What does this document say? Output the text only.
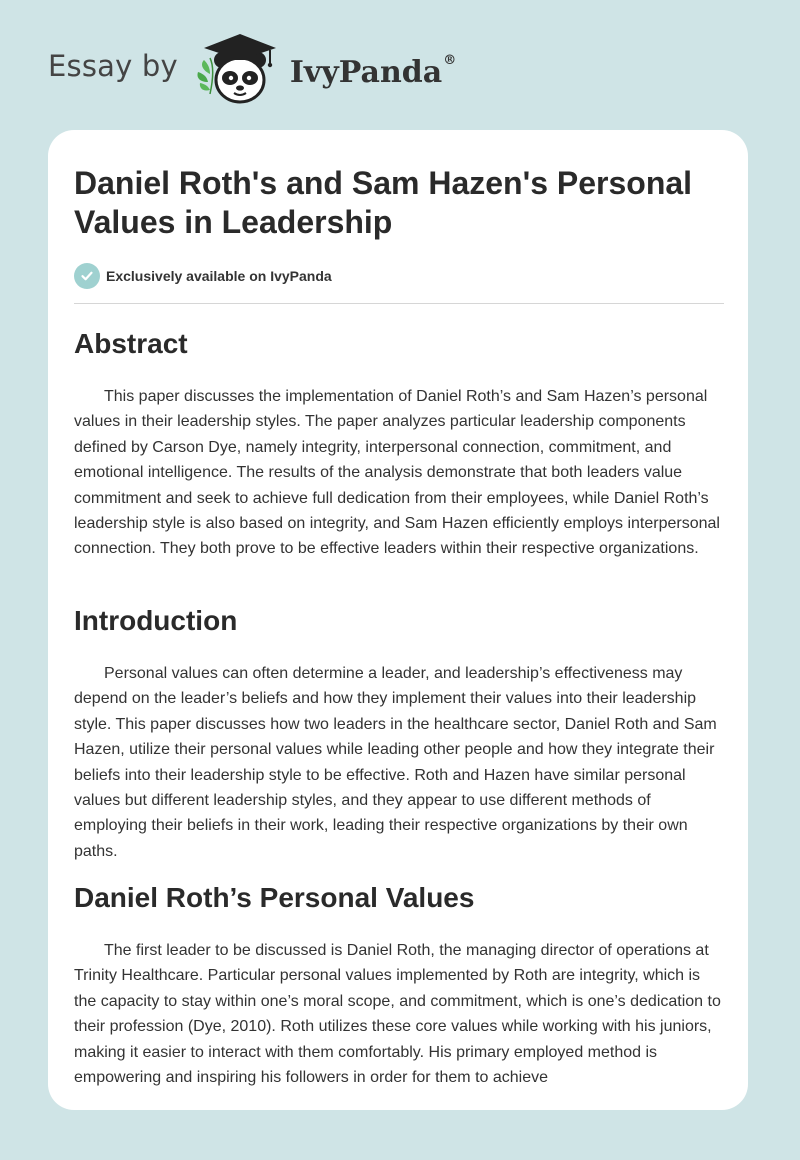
Essay by	IvyPanda®
Daniel Roth's and Sam Hazen's Personal Values in Leadership
Exclusively available on IvyPanda
Abstract

This paper discusses the implementation of Daniel Roth’s and Sam Hazen’s personal values in their leadership styles. The paper analyzes particular leadership components defined by Carson Dye, namely integrity, interpersonal connection, commitment, and emotional intelligence. The results of the analysis demonstrate that both leaders value commitment and seek to achieve full dedication from their employees, while Daniel Roth’s leadership style is also based on integrity, and Sam Hazen efficiently employs interpersonal connection. They both prove to be effective leaders within their respective organizations.

Introduction

Personal values can often determine a leader, and leadership’s effectiveness may depend on the leader’s beliefs and how they implement their values into their leadership style. This paper discusses how two leaders in the healthcare sector, Daniel Roth and Sam Hazen, utilize their personal values while leading other people and how they integrate their beliefs into their leadership style to be effective. Roth and Hazen have similar personal values but different leadership styles, and they appear to use different methods of employing their beliefs in their work, leading their respective organizations by their own paths.

Daniel Roth’s Personal Values

The first leader to be discussed is Daniel Roth, the managing director of operations at Trinity Healthcare. Particular personal values implemented by Roth are integrity, which is the capacity to stay within one’s moral scope, and commitment, which is one’s dedication to their profession (Dye, 2010). Roth utilizes these core values while working with his juniors, making it easier to interact with them comfortably. His primary employed method is empowering and inspiring his followers in order for them to achieve
